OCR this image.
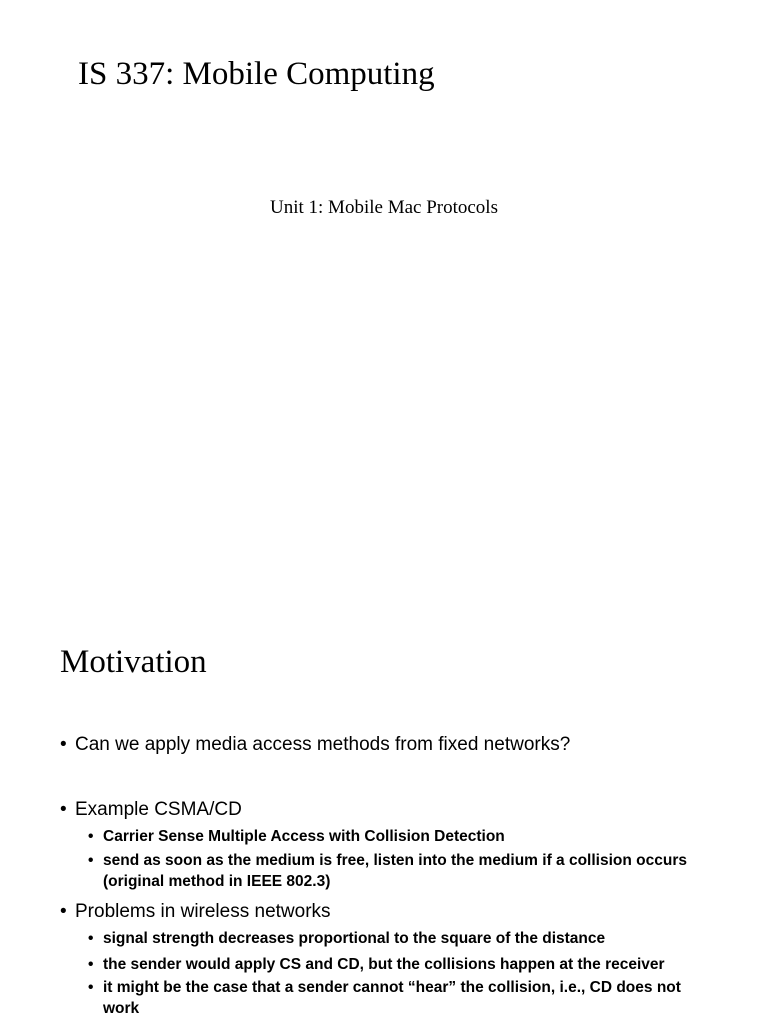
IS 337: Mobile Computing
Unit 1: Mobile Mac Protocols
Motivation
• Can we apply media access methods from fixed networks?
• Example CSMA/CD
• Carrier Sense Multiple Access with Collision Detection
• send as soon as the medium is free, listen into the medium if a collision occurs (original method in IEEE 802.3)
• Problems in wireless networks
• signal strength decreases proportional to the square of the distance
• the sender would apply CS and CD, but the collisions happen at the receiver
• it might be the case that a sender cannot “hear” the collision, i.e., CD does not work
